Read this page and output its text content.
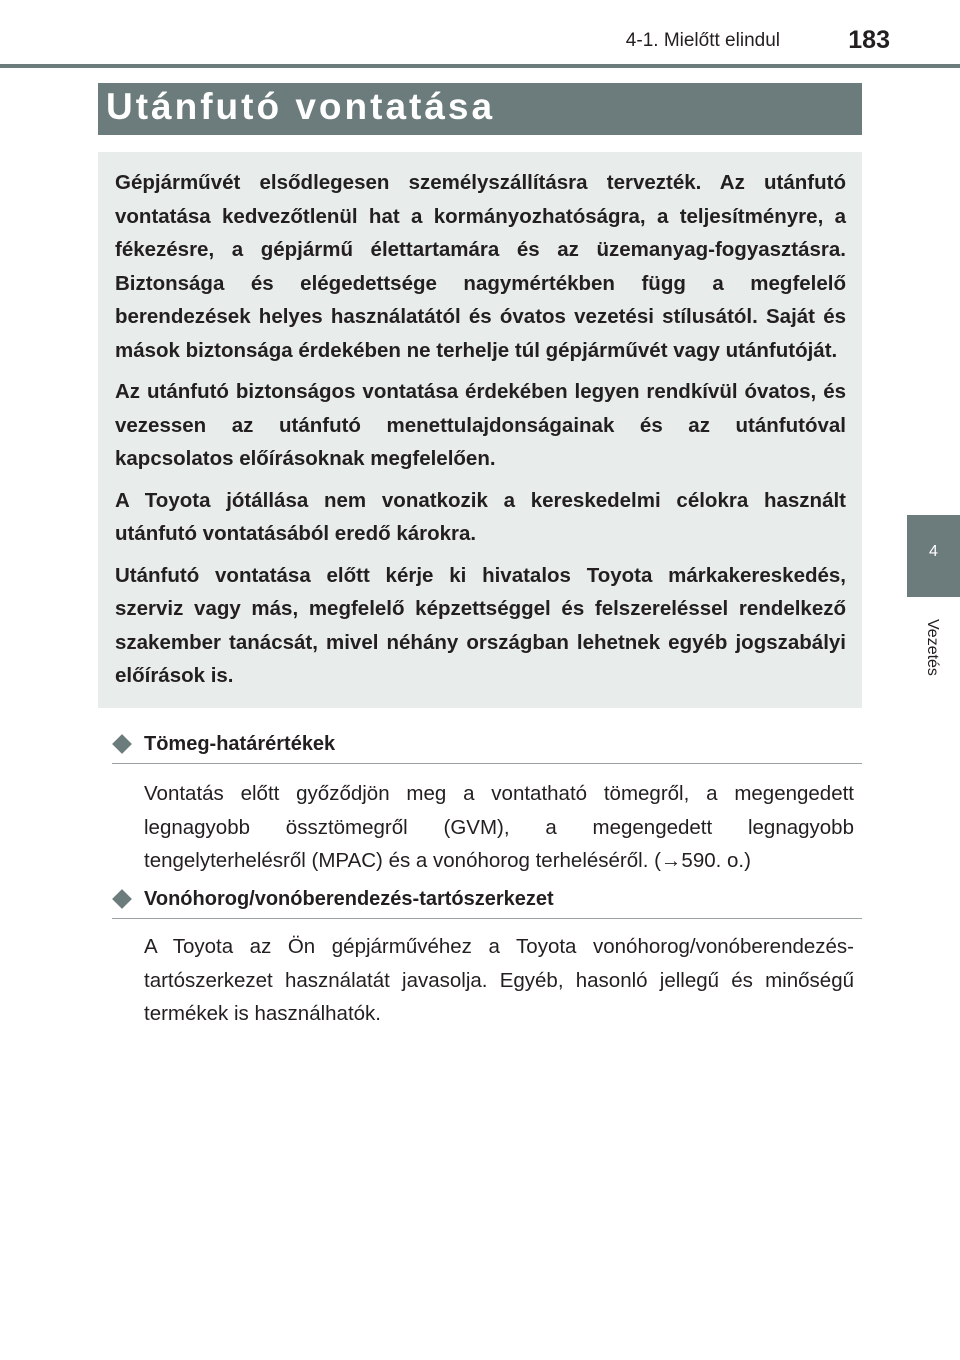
4-1. Mielőtt elindul	183
4
Vezetés
Utánfutó vontatása

Gépjárművét elsődlegesen személyszállításra tervezték. Az utánfutó vontatása kedvezőtlenül hat a kormányozhatóságra, a teljesítményre, a fékezésre, a gépjármű élettartamára és az üzemanyag-fogyasztásra. Biztonsága és elégedettsége nagymértékben függ a megfelelő berendezések helyes használatától és óvatos vezetési stílusától. Saját és mások biztonsága érdekében ne terhelje túl gépjárművét vagy utánfutóját.

Az utánfutó biztonságos vontatása érdekében legyen rendkívül óvatos, és vezessen az utánfutó menettulajdonságainak és az utánfutóval kapcsolatos előírásoknak megfelelően.

A Toyota jótállása nem vonatkozik a kereskedelmi célokra használt utánfutó vontatásából eredő károkra.

Utánfutó vontatása előtt kérje ki hivatalos Toyota márkakereskedés, szerviz vagy más, megfelelő képzettséggel és felszereléssel rendelkező szakember tanácsát, mivel néhány országban lehetnek egyéb jogszabályi előírások is.

Tömeg-határértékek

Vontatás előtt győződjön meg a vontatható tömegről, a megengedett legnagyobb össztömegről (GVM), a megengedett legnagyobb tengelyterhelésről (MPAC) és a vonóhorog terheléséről. (→590. o.)

Vonóhorog/vonóberendezés-tartószerkezet

A Toyota az Ön gépjárművéhez a Toyota vonóhorog/vonóberendezés-tartószerkezet használatát javasolja. Egyéb, hasonló jellegű és minőségű termékek is használhatók.
